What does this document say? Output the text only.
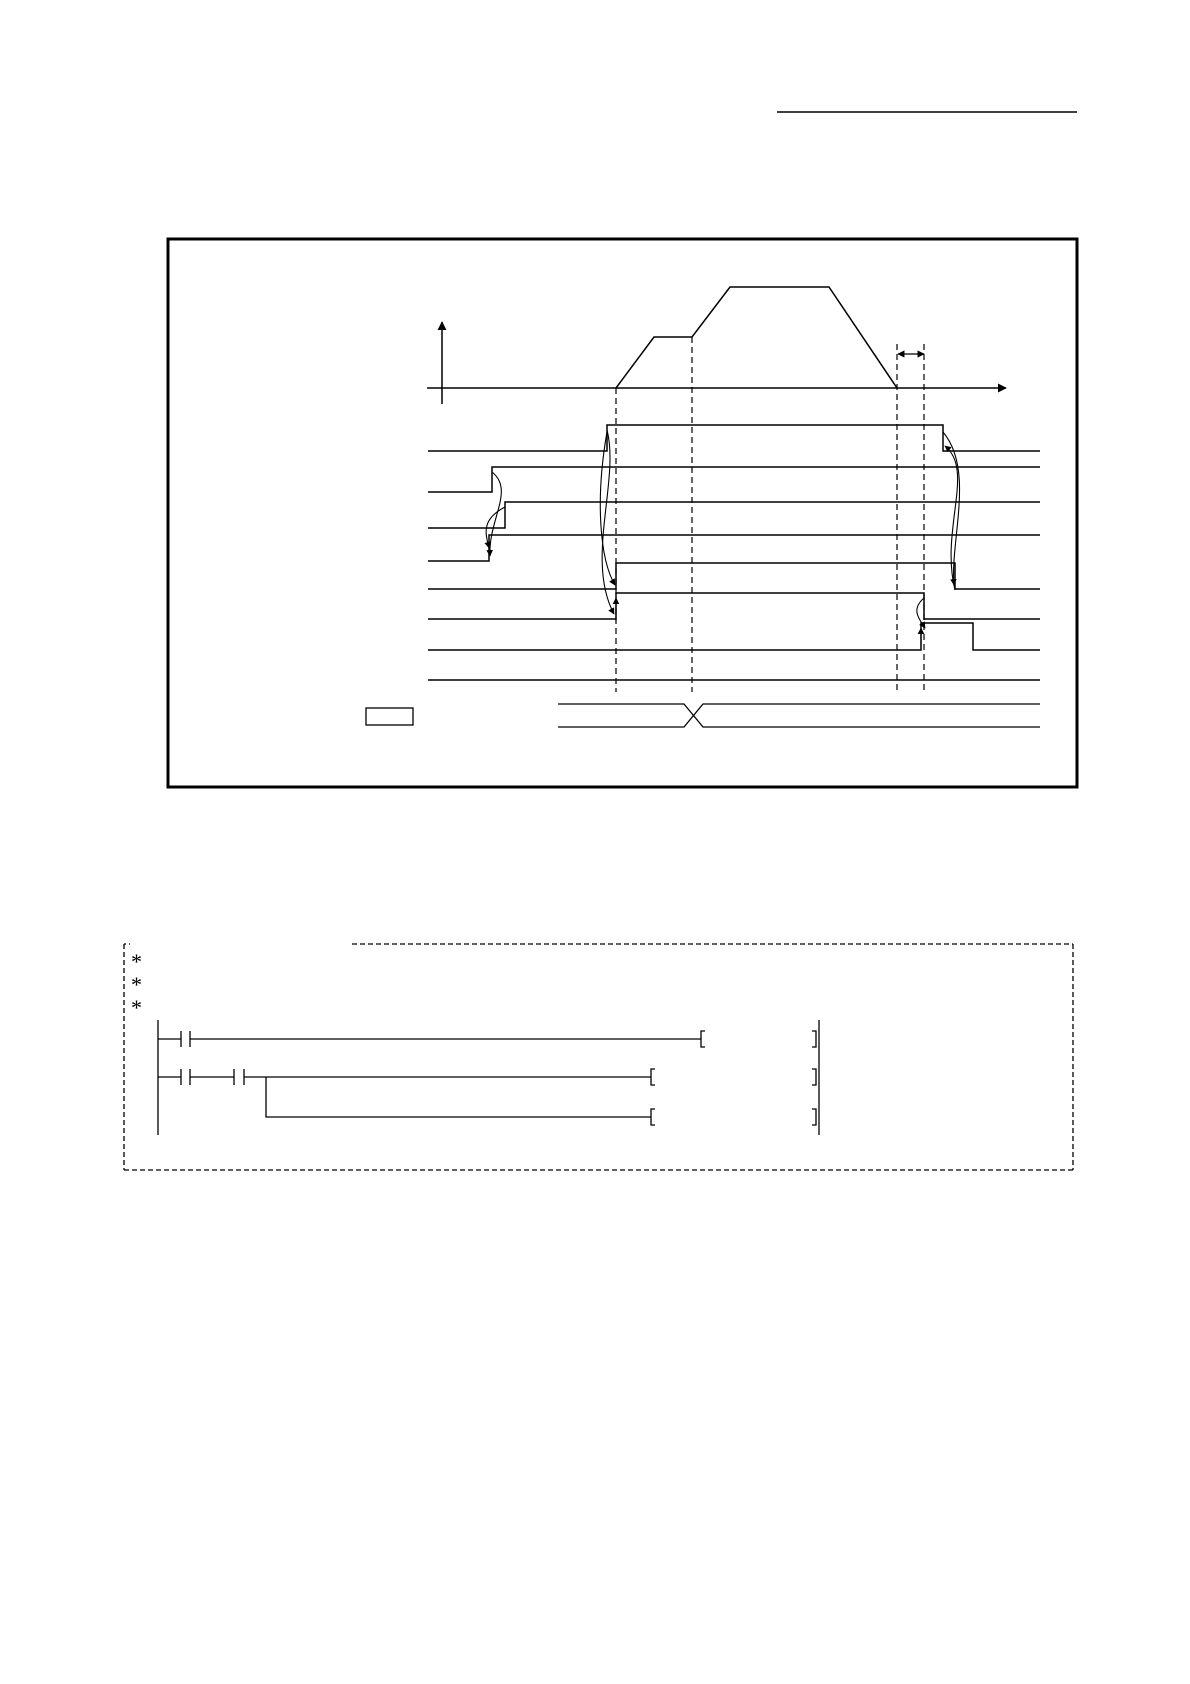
*
*
*
